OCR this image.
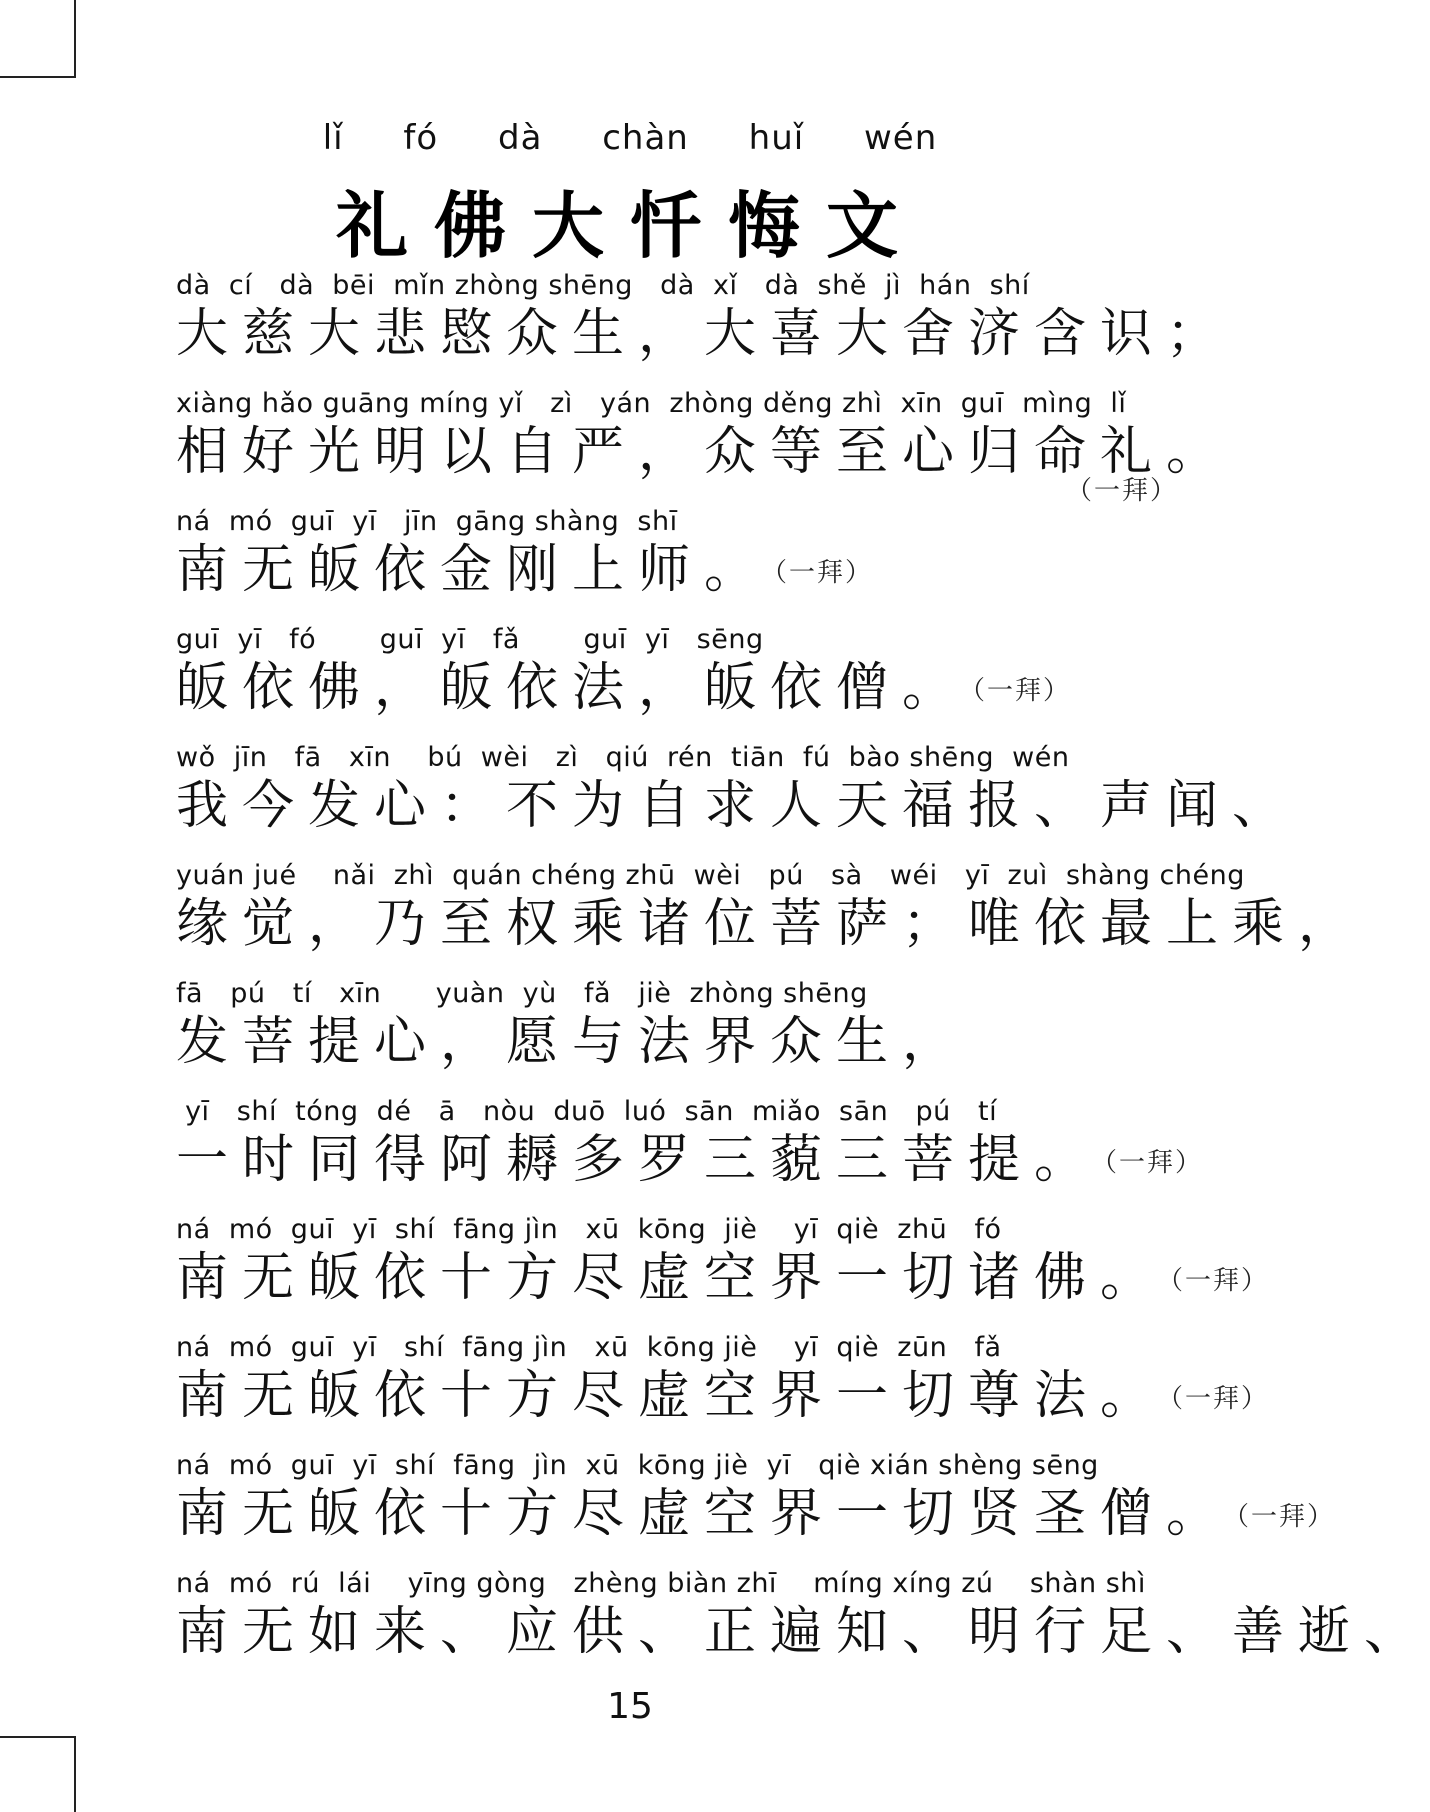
lǐ fó dà chàn huǐ wén
礼佛大忏悔文
dà  cí   dà  bēi  mǐn zhòng shēng   dà  xǐ   dà  shě  jì  hán  shí
大慈大悲愍众生，大喜大舍济含识；
xiàng hǎo guāng míng yǐ   zì   yán  zhòng děng zhì  xīn  guī  mìng  lǐ
相好光明以自严，众等至心归命礼。
ná  mó  guī  yī   jīn  gāng shàng  shī
南无皈依金刚上师。 （一拜）
guī  yī   fó       guī  yī   fǎ       guī  yī   sēng
皈依佛，皈依法，皈依僧。 （一拜）
wǒ  jīn   fā   xīn    bú  wèi   zì   qiú  rén  tiān  fú  bào shēng  wén
我今发心：不为自求人天福报、声闻、
yuán jué    nǎi  zhì  quán chéng zhū  wèi   pú   sà   wéi   yī  zuì  shàng chéng
缘觉，乃至权乘诸位菩萨；唯依最上乘，
fā   pú   tí   xīn      yuàn  yù   fǎ   jiè  zhòng shēng
发菩提心，愿与法界众生，
yī   shí  tóng  dé   ā   nòu  duō  luó  sān  miǎo  sān   pú   tí
一时同得阿耨多罗三藐三菩提。 （一拜）
ná  mó  guī  yī  shí  fāng jìn   xū  kōng  jiè    yī  qiè  zhū   fó
南无皈依十方尽虚空界一切诸佛。 （一拜）
ná  mó  guī  yī   shí  fāng jìn   xū  kōng jiè    yī  qiè  zūn   fǎ
南无皈依十方尽虚空界一切尊法。 （一拜）
ná  mó  guī  yī  shí  fāng  jìn  xū  kōng jiè  yī   qiè xián shèng sēng
南无皈依十方尽虚空界一切贤圣僧。 （一拜）
ná  mó  rú  lái    yīng gòng   zhèng biàn zhī    míng xíng zú    shàn shì
南无如来、应供、正遍知、明行足、善逝、
（一拜）
15
